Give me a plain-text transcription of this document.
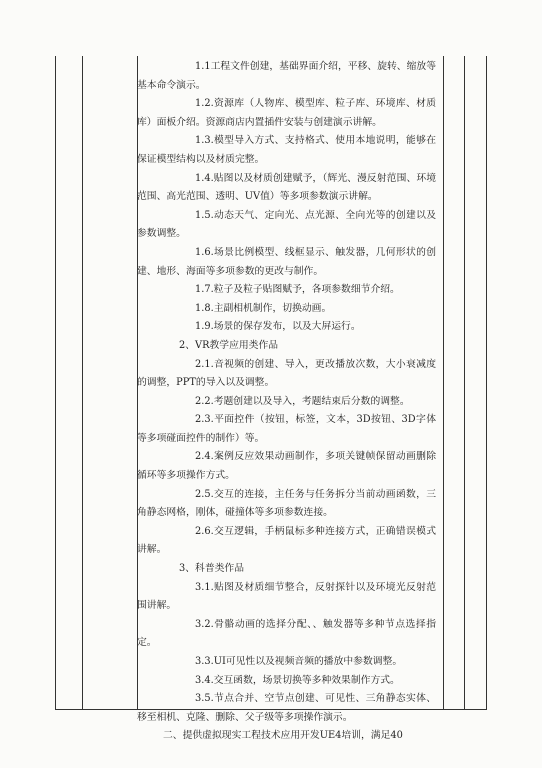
1.1工程文件创建，基础界面介绍，平移、旋转、缩放等基本命令演示。

1.2.资源库（人物库、模型库、粒子库、环境库、材质库）面板介绍。资源商店内置插件安装与创建演示讲解。

1.3.模型导入方式、支持格式、使用本地说明，能够在保证模型结构以及材质完整。

1.4.贴图以及材质创建赋予，（辉光、漫反射范围、环境范围、高光范围、透明、UV值）等多项参数演示讲解。

1.5.动态天气、定向光、点光源、全向光等的创建以及参数调整。

1.6.场景比例模型、线框显示、触发器，几何形状的创建、地形、海面等多项参数的更改与制作。

1.7.粒子及粒子贴图赋予，各项参数细节介绍。

1.8.主副相机制作，切换动画。

1.9.场景的保存发布，以及大屏运行。

2、VR教学应用类作品

2.1.音视频的创建、导入，更改播放次数，大小衰减度的调整，PPT的导入以及调整。

2.2.考题创建以及导入，考题结束后分数的调整。

2.3.平面控件（按钮，标签，文本，3D按钮、3D字体等多项碰面控件的制作）等。

2.4.案例反应效果动画制作，多项关键帧保留动画删除循环等多项操作方式。

2.5.交互的连接，主任务与任务拆分当前动画函数，三角静态网格，刚体，碰撞体等多项参数连接。

2.6.交互逻辑，手柄鼠标多种连接方式，正确错误模式讲解。

3、科普类作品

3.1.贴图及材质细节整合，反射探针以及环境光反射范围讲解。

3.2.骨骼动画的选择分配、、触发器等多种节点选择指定。

3.3.UI可见性以及视频音频的播放中参数调整。

3.4.交互函数，场景切换等多种效果制作方式。

3.5.节点合并、空节点创建、可见性、三角静态实体、移至相机、克隆、删除、父子级等多项操作演示。

二、提供虚拟现实工程技术应用开发UE4培训，满足40
